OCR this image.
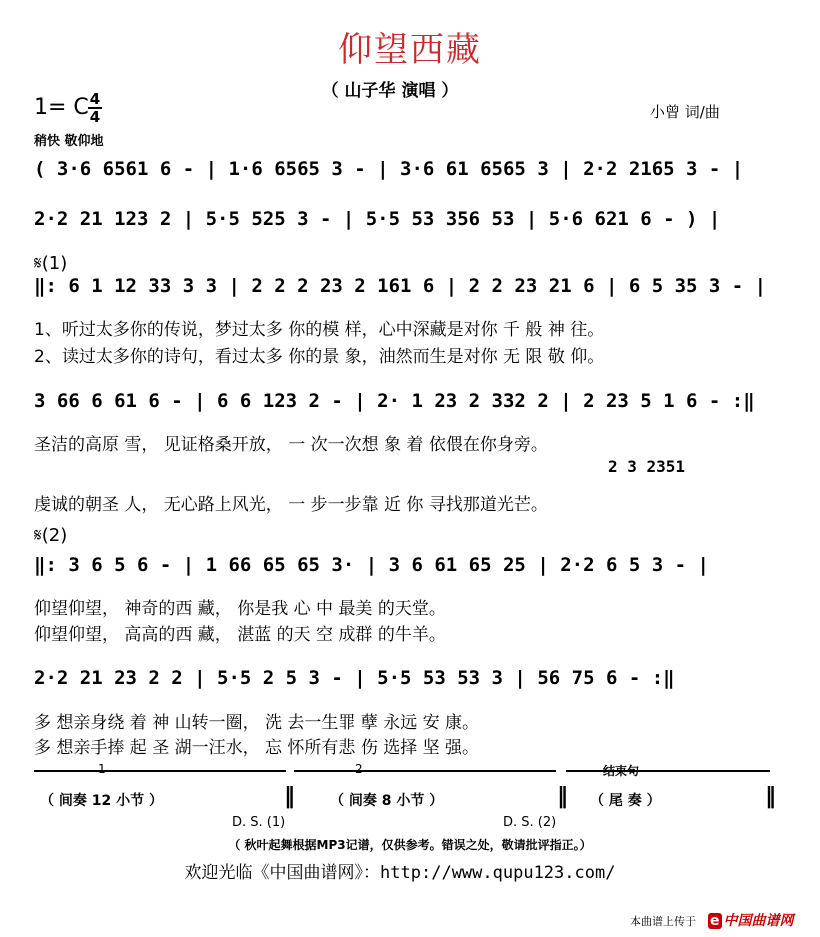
仰望西藏
（ 山子华 演唱 ）
1= C 4
4
稍快 敬仰地
小曾 词/曲
( 3·6 6561 6 - | 1·6 6565 3 - | 3·6 61 6565 3 | 2·2 2165 3 - |
2·2 21 123 2 | 5·5 525 3 - | 5·5 53 356 53 | 5·6 621 6 - ) |
𝄋(1)
‖: 6 1 12 33 3 3 | 2 2 2 23 2 161 6 | 2 2 23 21 6 | 6 5 35 3 - |
1、听过太多你的传说，梦过太多 你的模 样，心中深藏是对你 千 般 神 往。
2、读过太多你的诗句，看过太多 你的景 象，油然而生是对你 无 限 敬 仰。
3 66 6 61 6 - | 6 6 123 2 - | 2· 1 23 2 332 2 | 2 23 5 1 6 - :‖
圣洁的高原 雪， 见证格桑开放， 一 次一次想 象 着 依偎在你身旁。
2 3 2351
虔诚的朝圣 人， 无心路上风光， 一 步一步靠 近 你 寻找那道光芒。
𝄋(2)
‖: 3 6 5 6 - | 1 66 65 65 3· | 3 6 61 65 25 | 2·2 6 5 3 - |
仰望仰望， 神奇的西 藏， 你是我 心 中 最美 的天堂。
仰望仰望， 高高的西 藏， 湛蓝 的天 空 成群 的牛羊。
2·2 21 23 2 2 | 5·5 2 5 3 - | 5·5 53 53 3 | 56 75 6 - :‖
多 想亲身绕 着 神 山转一圈， 洗 去一生罪 孽 永远 安 康。
多 想亲手捧 起 圣 湖一汪水， 忘 怀所有悲 伤 选择 坚 强。
1	2	结束句
（ 间奏 12 小节 ）	‖	（ 间奏 8 小节 ）	‖ （ 尾 奏 ）	‖
D. S. (1)	D. S. (2)
（ 秋叶起舞根据MP3记谱，仅供参考。错误之处，敬请批评指正。）
欢迎光临《中国曲谱网》：http://www.qupu123.com/
本曲谱上传于 e 中国曲谱网
